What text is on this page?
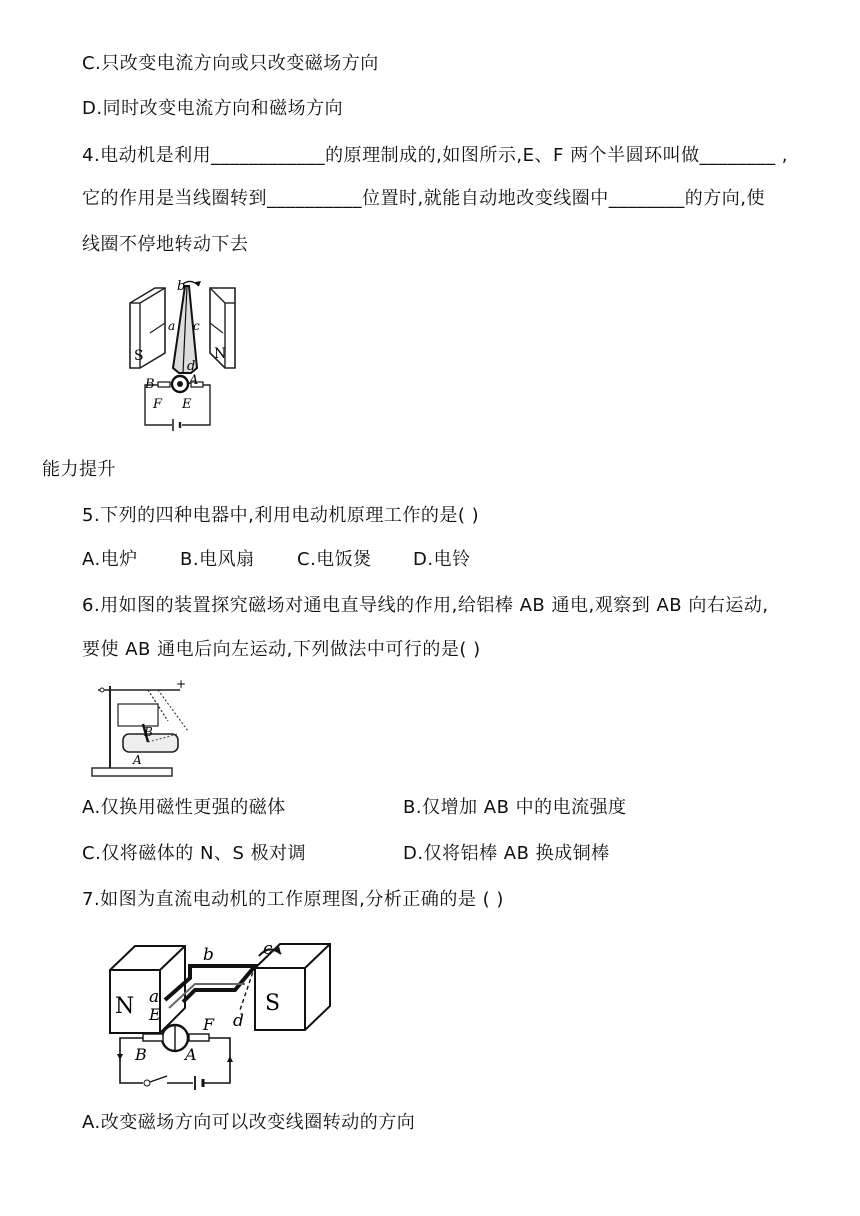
C.只改变电流方向或只改变磁场方向
D.同时改变电流方向和磁场方向
4.电动机是利用____________的原理制成的,如图所示,E、F 两个半圆环叫做________ ,
它的作用是当线圈转到__________位置时,就能自动地改变线圈中________的方向,使
线圈不停地转动下去
b
a c
d
S	N
B	A
F E
能力提升
5.下列的四种电器中,利用电动机原理工作的是( )
A.电炉 B.电风扇 C.电饭煲 D.电铃
6.用如图的装置探究磁场对通电直导线的作用,给铝棒 AB 通电,观察到 AB 向右运动,
要使 AB 通电后向左运动,下列做法中可行的是( )
+
B
A
A.仅换用磁性更强的磁体	B.仅增加 AB 中的电流强度
C.仅将磁体的 N、S 极对调	D.仅将铝棒 AB 换成铜棒
7.如图为直流电动机的工作原理图,分析正确的是 ( )
N	S
b	c
a
E
F d
B A
A.改变磁场方向可以改变线圈转动的方向
